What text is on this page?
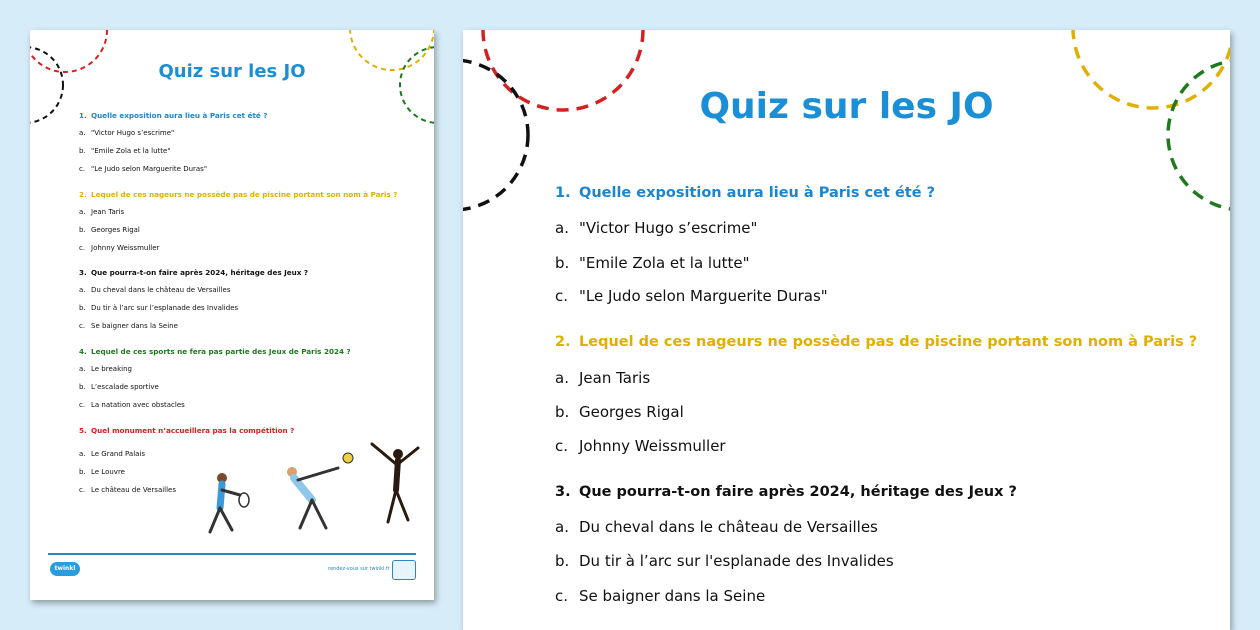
Quiz sur les JO
1. Quelle exposition aura lieu à Paris cet été ?
a. "Victor Hugo s’escrime"
b. "Emile Zola et la lutte"
c. "Le Judo selon Marguerite Duras"
2. Lequel de ces nageurs ne possède pas de piscine portant son nom à Paris ?
a. Jean Taris
b. Georges Rigal
c. Johnny Weissmuller
3. Que pourra-t-on faire après 2024, héritage des Jeux ?
a. Du cheval dans le château de Versailles
b. Du tir à l’arc sur l’esplanade des Invalides
c. Se baigner dans la Seine
4. Lequel de ces sports ne fera pas partie des Jeux de Paris 2024 ?
a. Le breaking
b. L’escalade sportive
c. La natation avec obstacles
5. Quel monument n’accueillera pas la compétition ?
a. Le Grand Palais
b. Le Louvre
c. Le château de Versailles
twinkl	rendez-vous sur twinkl.fr
Quiz sur les JO
1. Quelle exposition aura lieu à Paris cet été ?
a. "Victor Hugo s’escrime"
b. "Emile Zola et la lutte"
c. "Le Judo selon Marguerite Duras"
2. Lequel de ces nageurs ne possède pas de piscine portant son nom à Paris ?
a. Jean Taris
b. Georges Rigal
c. Johnny Weissmuller
3. Que pourra-t-on faire après 2024, héritage des Jeux ?
a. Du cheval dans le château de Versailles
b. Du tir à l’arc sur l'esplanade des Invalides
c. Se baigner dans la Seine
